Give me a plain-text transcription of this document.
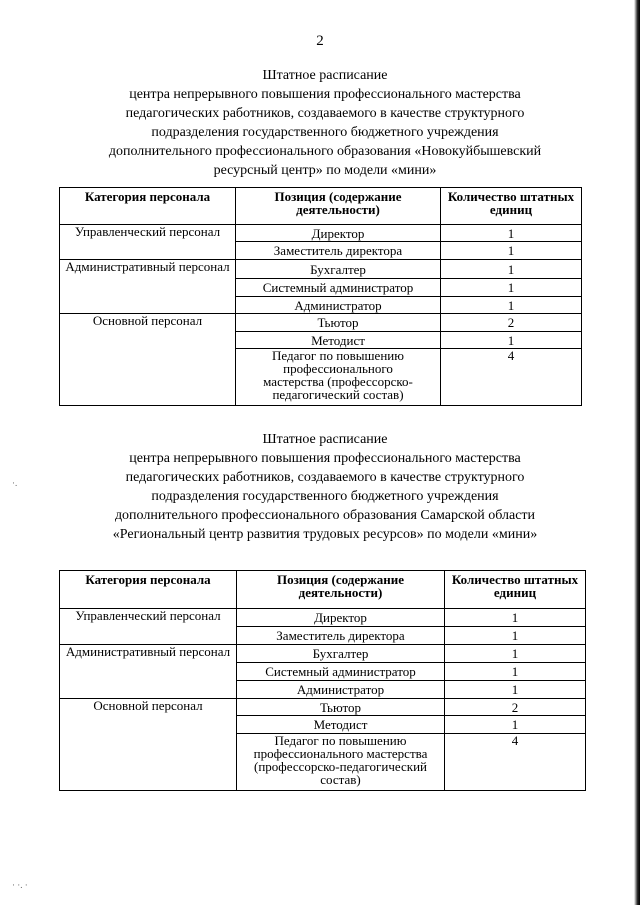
2
Штатное расписание
центра непрерывного повышения профессионального мастерства
педагогических работников, создаваемого в качестве структурного
подразделения государственного бюджетного учреждения
дополнительного профессионального образования «Новокуйбышевский
ресурсный центр» по модели «мини»
Категория персонала	Позиция (содержание деятельности)	Количество штатных единиц
Управленческий персонал	Директор	1
	Заместитель директора	1
Административный персонал	Бухгалтер	1
	Системный администратор	1
	Администратор	1
Основной персонал	Тьютор	2
	Методист	1
	Педагог по повышению профессионального мастерства (профессорско-педагогический состав)	4
Штатное расписание
центра непрерывного повышения профессионального мастерства
педагогических работников, создаваемого в качестве структурного
подразделения государственного бюджетного учреждения
дополнительного профессионального образования Самарской области
«Региональный центр развития трудовых ресурсов» по модели «мини»
Категория персонала	Позиция (содержание деятельности)	Количество штатных единиц
Управленческий персонал	Директор	1
	Заместитель директора	1
Административный персонал	Бухгалтер	1
	Системный администратор	1
	Администратор	1
Основной персонал	Тьютор	2
	Методист	1
	Педагог по повышению профессионального мастерства (профессорско-педагогический состав)	4
·.
· ·. ·
